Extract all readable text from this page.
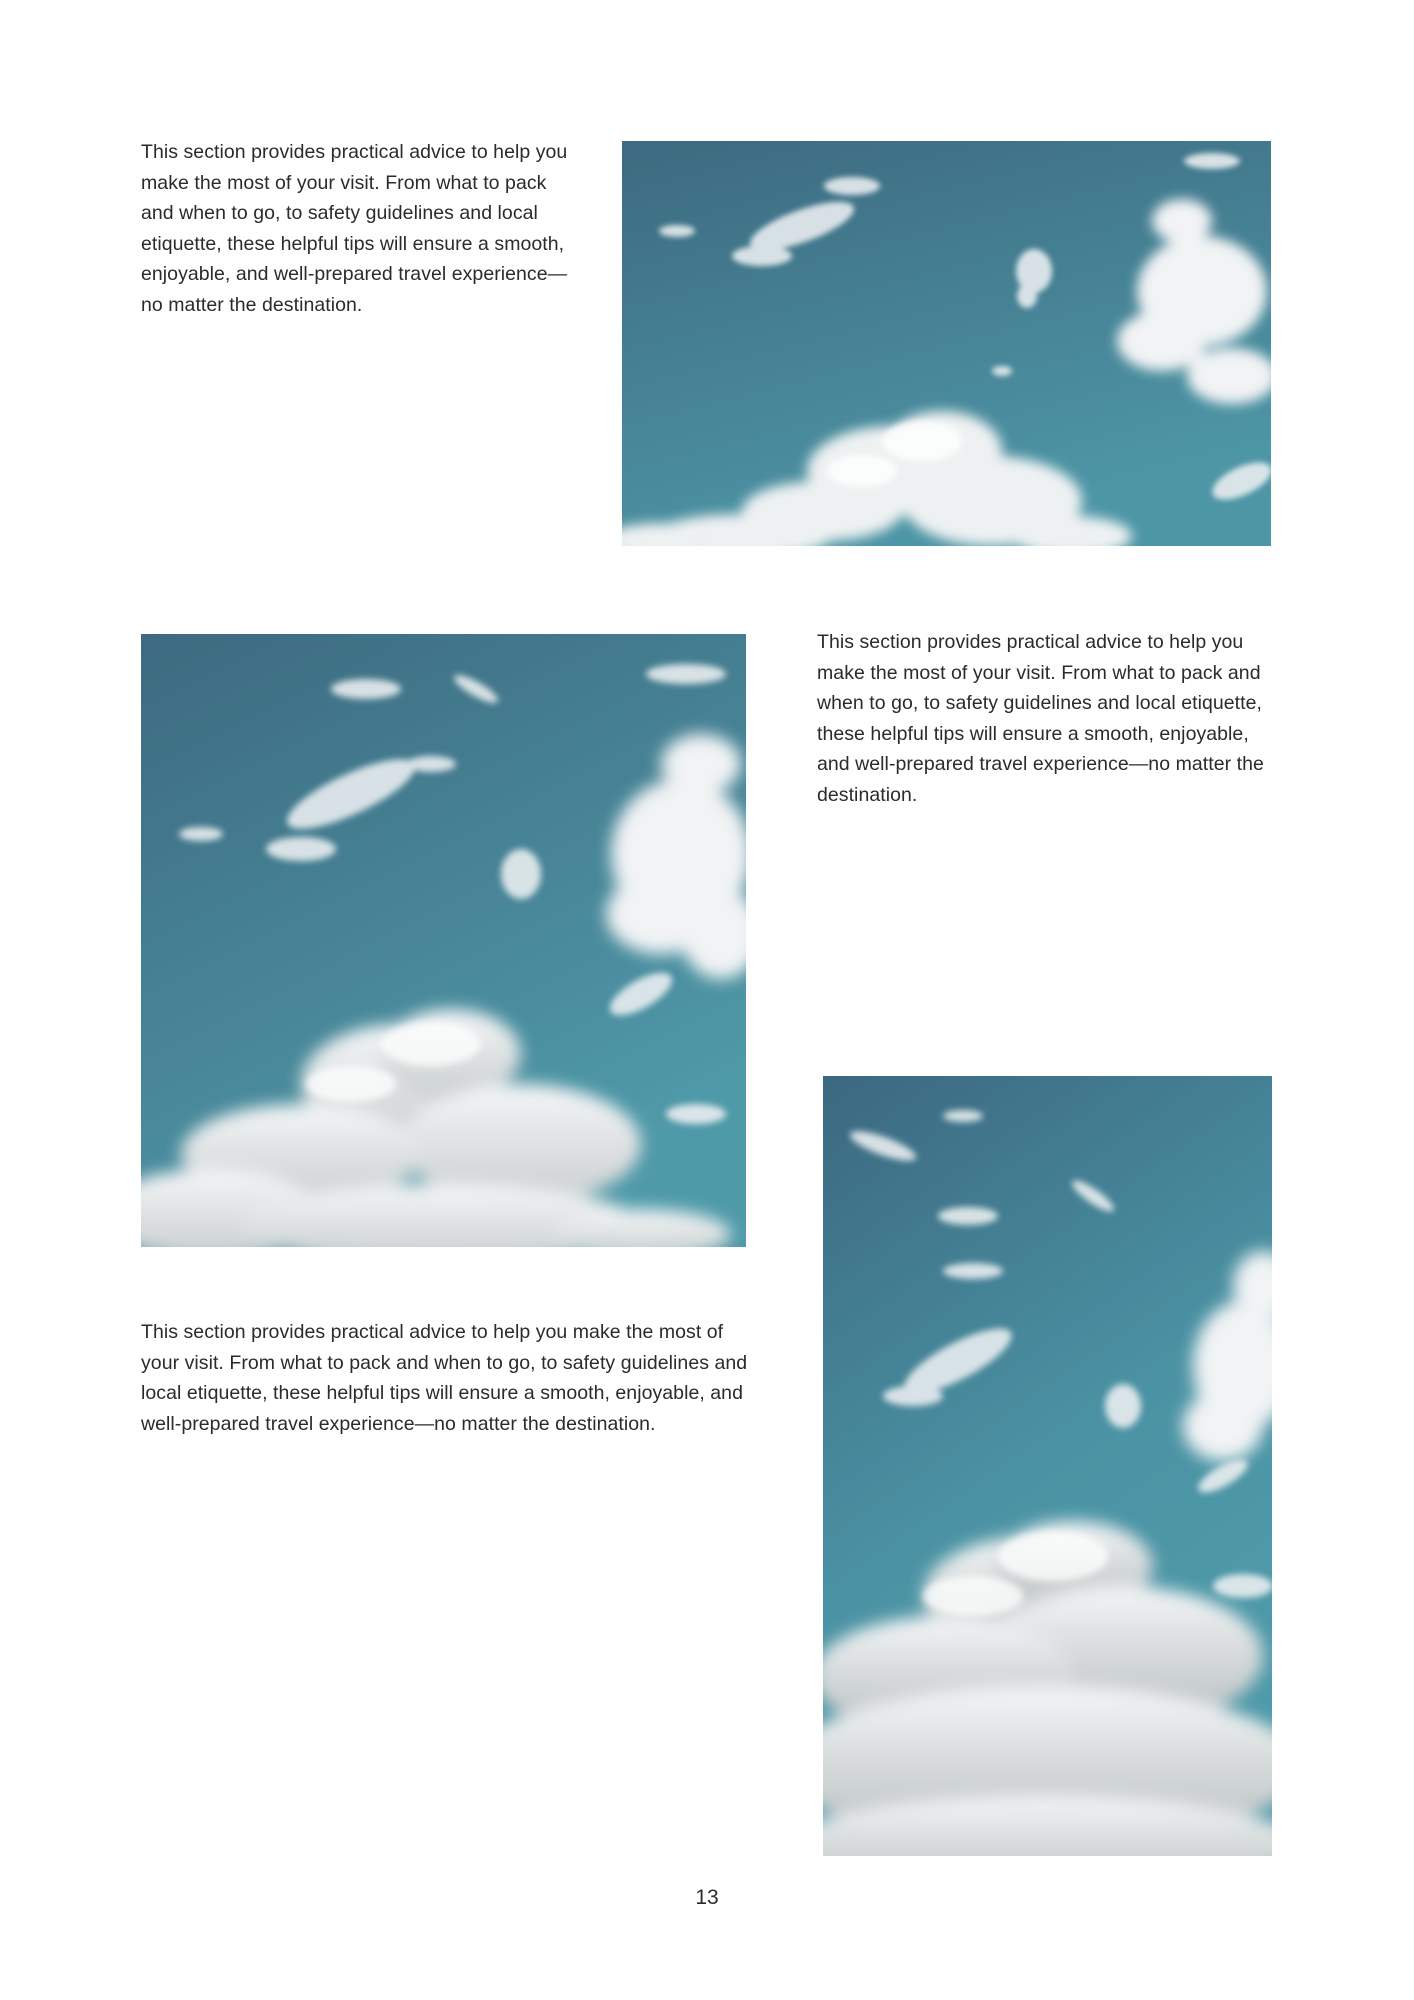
This section provides practical advice to help you make the most of your visit. From what to pack and when to go, to safety guidelines and local etiquette, these helpful tips will ensure a smooth, enjoyable, and well-prepared travel experience—no matter the destination.

This section provides practical advice to help you make the most of your visit. From what to pack and when to go, to safety guidelines and local etiquette, these helpful tips will ensure a smooth, enjoyable, and well-prepared travel experience—no matter the destination.

This section provides practical advice to help you make the most of your visit. From what to pack and when to go, to safety guidelines and local etiquette, these helpful tips will ensure a smooth, enjoyable, and well-prepared travel experience—no matter the destination.

13
